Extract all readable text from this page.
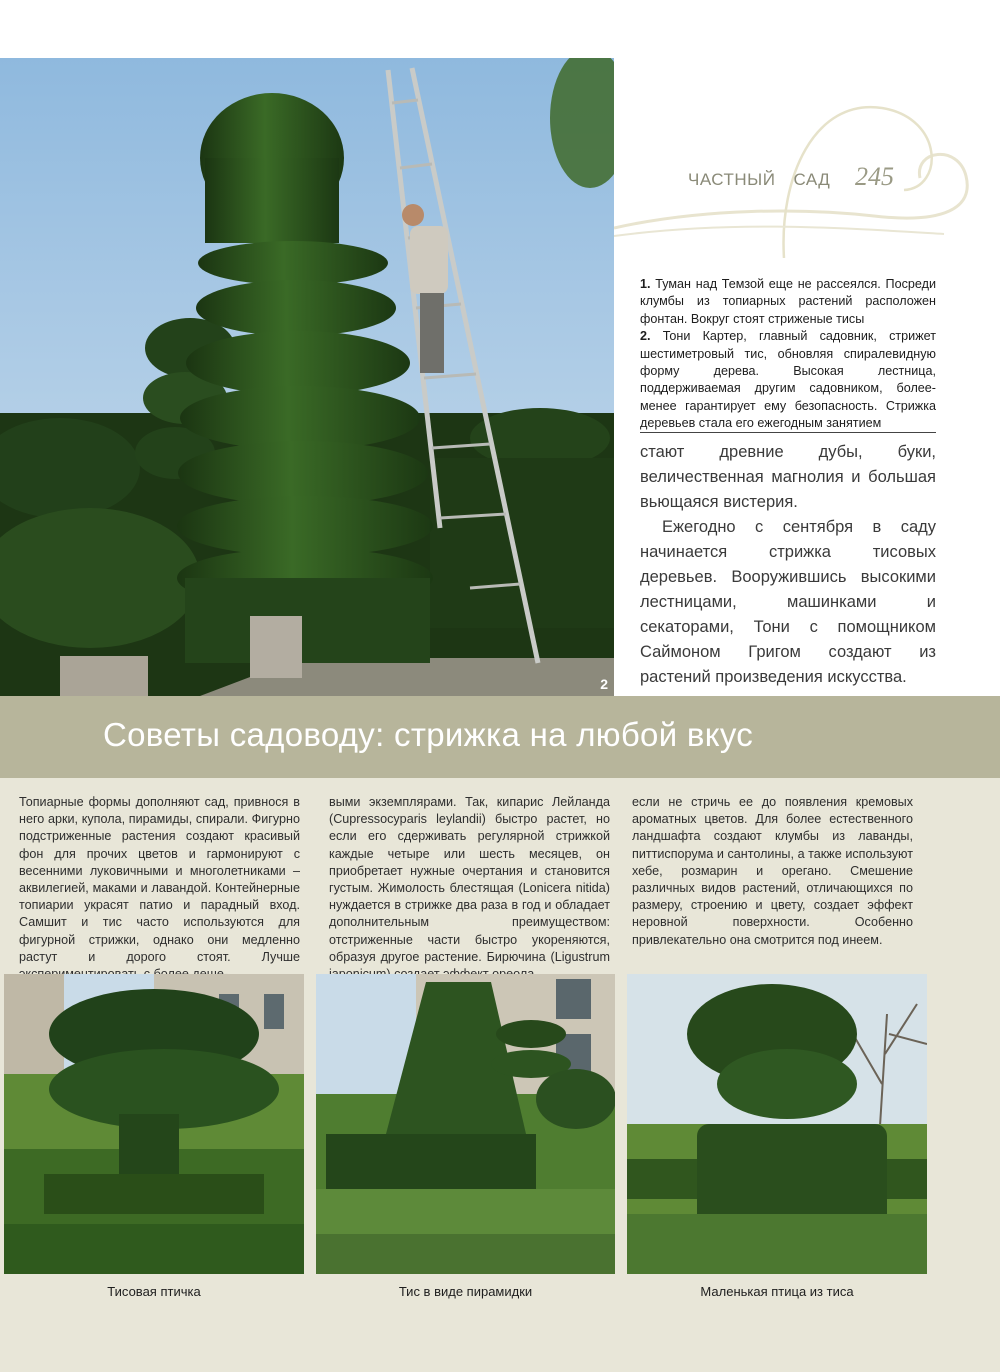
2
ЧАСТНЫЙ САД 245

1. Туман над Темзой еще не рассеялся. Посреди клумбы из топиарных растений расположен фонтан. Вокруг стоят стриженые тисы

2. Тони Картер, главный садовник, стрижет шестиметровый тис, обновляя спиралевидную форму дерева. Высокая лестница, поддерживаемая другим садовником, более-менее гарантирует ему безопасность. Стрижка деревьев стала его ежегодным занятием

стают древние дубы, буки, величественная магнолия и большая вьющаяся вистерия.

Ежегодно с сентября в саду начинается стрижка тисовых деревьев. Вооружившись высокими лестницами, машинками и секаторами, Тони с помощником Саймоном Григом создают из растений произведения искусства.

Советы садоводу: стрижка на любой вкус

Топиарные формы дополняют сад, привнося в него арки, купола, пирамиды, спирали. Фигурно подстриженные растения создают красивый фон для прочих цветов и гармонируют с весенними луковичными и многолетниками – аквилегией, маками и лавандой. Контейнерные топиарии украсят патио и парадный вход. Самшит и тис часто используются для фигурной стрижки, однако они медленно растут и дорого стоят. Лучше

выми экземплярами. Так, кипарис Лейланда (Cupressocyparis leylandii) быстро растет, но если его сдерживать регулярной стрижкой каждые четыре или шесть месяцев, он приобретает нужные очертания и становится густым. Жимолость блестящая (Lonicera nitida) нуждается в стрижке два раза в год и обладает дополнительным преимуществом: отстриженные части быстро укореняются, образуя другое растение. Бирючина (Ligustrum

если не стричь ее до появления кремовых ароматных цветов. Для более естественного ландшафта создают клумбы из лаванды, питтиспорума и сантолины, а также используют хебе, розмарин и орегано. Смешение различных видов растений, отличающихся по размеру, строению и цвету, создает эффект неровной поверхности. Особенно привлекательно она смотрится под инеем.

Тисовая птичка	Тис в виде пирамидки	Маленькая птица из тиса
